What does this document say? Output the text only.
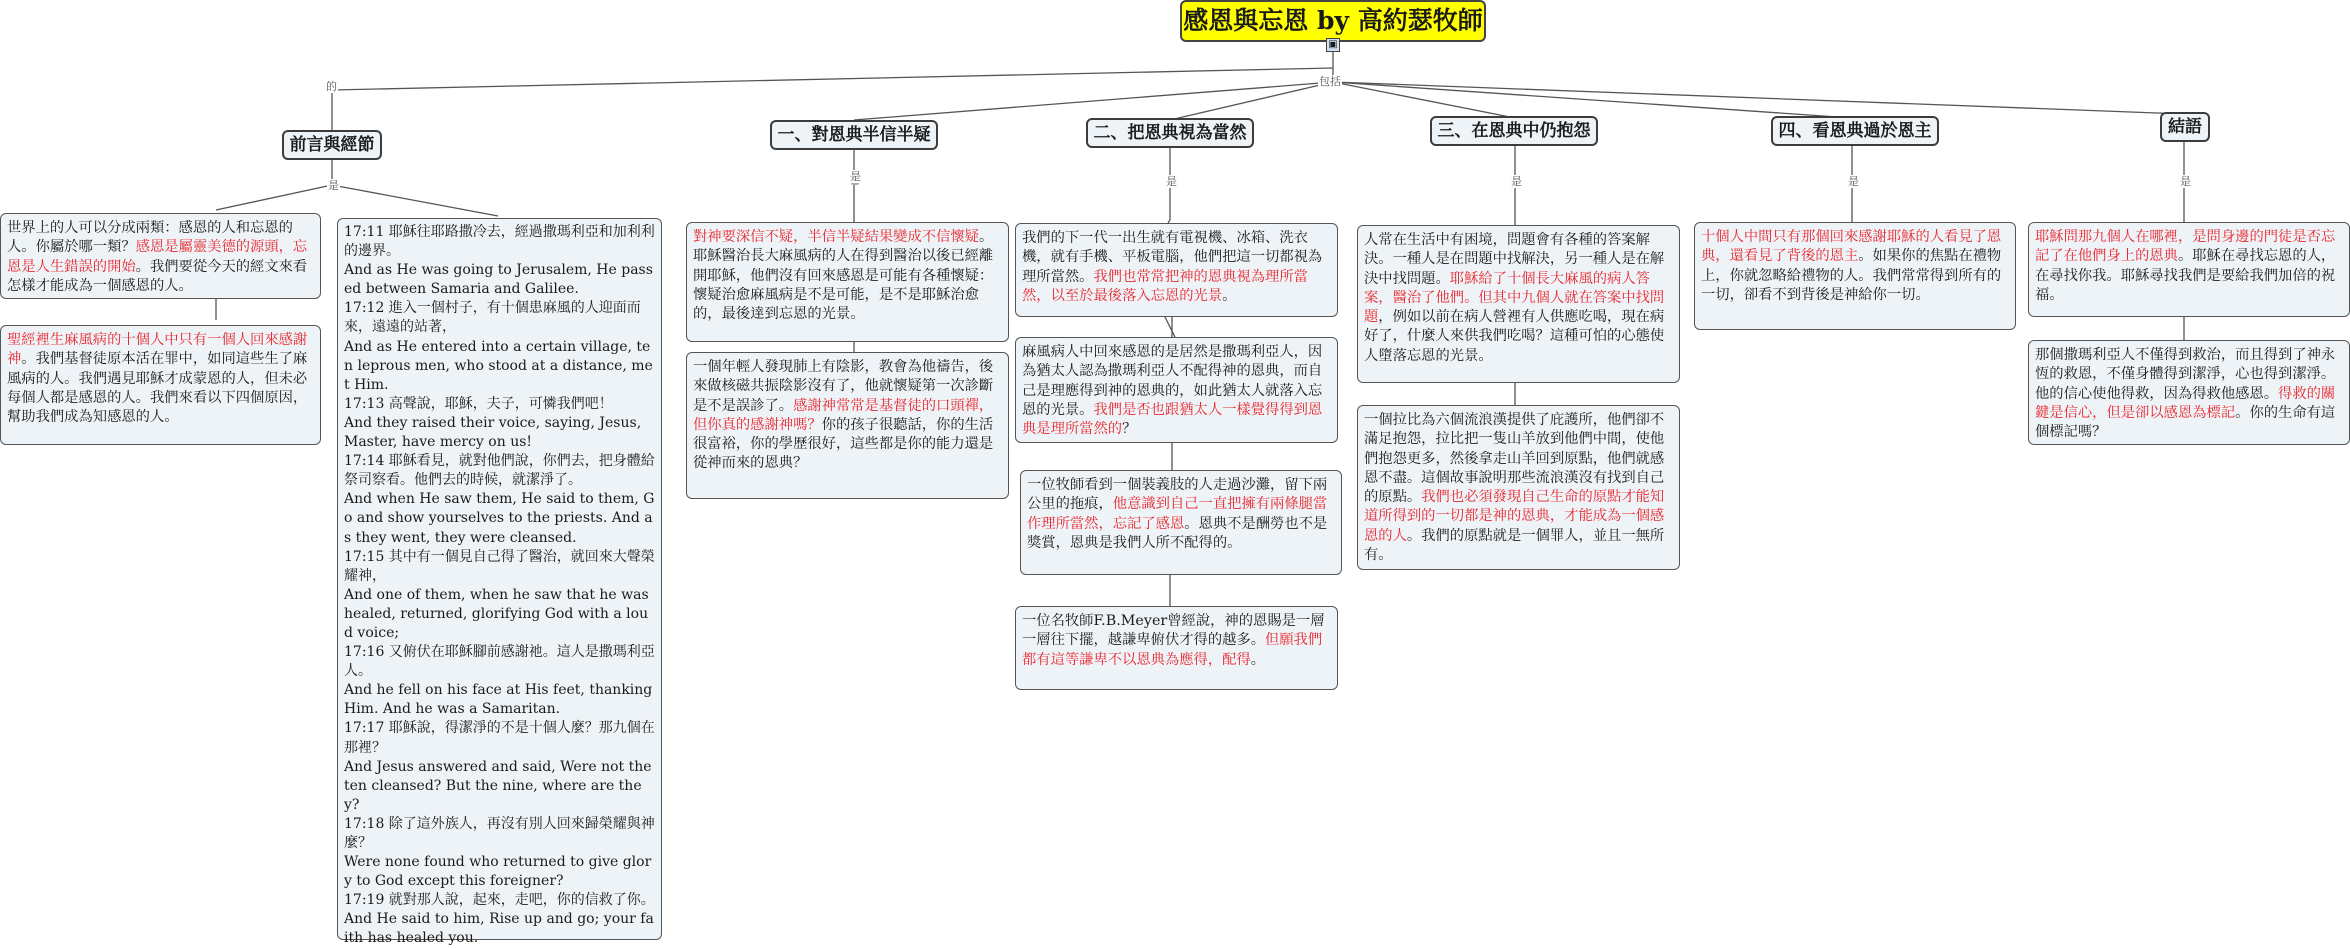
感恩與忘恩 by 高約瑟牧師
▣
的	包括
是
是	是	是	是	是
前言與經節	一、對恩典半信半疑	二、把恩典視為當然	三、在恩典中仍抱怨	四、看恩典過於恩主	結語
世界上的人可以分成兩類：感恩的人和忘恩的人。你屬於哪一類？感恩是屬靈美德的源頭，忘恩是人生錯誤的開始。我們要從今天的經文來看怎樣才能成為一個感恩的人。
聖經裡生麻風病的十個人中只有一個人回來感謝神。我們基督徒原本活在罪中，如同這些生了麻風病的人。我們遇見耶穌才成蒙恩的人，但未必每個人都是感恩的人。我們來看以下四個原因，幫助我們成為知感恩的人。
17:11 耶穌往耶路撒冷去，經過撒瑪利亞和加利利的邊界。
And as He was going to Jerusalem, He passed between Samaria and Galilee.
17:12 進入一個村子，有十個患麻風的人迎面而來，遠遠的站著，
And as He entered into a certain village, ten leprous men, who stood at a distance, met Him.
17:13 高聲說，耶穌，夫子，可憐我們吧！
And they raised their voice, saying, Jesus, Master, have mercy on us!
17:14 耶穌看見，就對他們說，你們去，把身體給祭司察看。他們去的時候，就潔淨了。
And when He saw them, He said to them, Go and show yourselves to the priests. And as they went, they were cleansed.
17:15 其中有一個見自己得了醫治，就回來大聲榮耀神，
And one of them, when he saw that he was healed, returned, glorifying God with a loud voice;
17:16 又俯伏在耶穌腳前感謝祂。這人是撒瑪利亞人。
And he fell on his face at His feet, thanking Him. And he was a Samaritan.
17:17 耶穌說，得潔淨的不是十個人麼？那九個在那裡？
And Jesus answered and said, Were not the ten cleansed? But the nine, where are they?
17:18 除了這外族人，再沒有別人回來歸榮耀與神麼？
Were none found who returned to give glory to God except this foreigner?
17:19 就對那人說，起來，走吧，你的信救了你。
And He said to him, Rise up and go; your faith has healed you.
對神要深信不疑，半信半疑結果變成不信懷疑。耶穌醫治長大麻風病的人在得到醫治以後已經離開耶穌，他們沒有回來感恩是可能有各種懷疑：懷疑治愈麻風病是不是可能，是不是耶穌治愈的，最後達到忘恩的光景。
一個年輕人發現肺上有陰影，教會為他禱告，後來做核磁共振陰影沒有了，他就懷疑第一次診斷是不是誤診了。感謝神常常是基督徒的口頭禪，但你真的感謝神嗎？你的孩子很聽話，你的生活很富裕，你的學歷很好，這些都是你的能力還是從神而來的恩典？
我們的下一代一出生就有電視機、冰箱、洗衣機，就有手機、平板電腦，他們把這一切都視為理所當然。我們也常常把神的恩典視為理所當然，以至於最後落入忘恩的光景。
麻風病人中回來感恩的是居然是撒瑪利亞人，因為猶太人認為撒瑪利亞人不配得神的恩典，而自己是理應得到神的恩典的，如此猶太人就落入忘恩的光景。我們是否也跟猶太人一樣覺得得到恩典是理所當然的？
一位牧師看到一個裝義肢的人走過沙灘，留下兩公里的拖痕，他意識到自己一直把擁有兩條腿當作理所當然，忘記了感恩。恩典不是酬勞也不是獎賞，恩典是我們人所不配得的。
一位名牧師F.B.Meyer曾經說，神的恩賜是一層一層往下擺，越謙卑俯伏才得的越多。但願我們都有這等謙卑不以恩典為應得，配得。
人常在生活中有困境，問題會有各種的答案解決。一種人是在問題中找解決，另一種人是在解決中找問題。耶穌給了十個長大麻風的病人答案，醫治了他們。但其中九個人就在答案中找問題，例如以前在病人營裡有人供應吃喝，現在病好了，什麼人來供我們吃喝？這種可怕的心態使人墮落忘恩的光景。
一個拉比為六個流浪漢提供了庇護所，他們卻不滿足抱怨，拉比把一隻山羊放到他們中間，使他們抱怨更多，然後拿走山羊回到原點，他們就感恩不盡。這個故事說明那些流浪漢沒有找到自己的原點。我們也必須發現自己生命的原點才能知道所得到的一切都是神的恩典，才能成為一個感恩的人。我們的原點就是一個罪人，並且一無所有。
十個人中間只有那個回來感謝耶穌的人看見了恩典，還看見了背後的恩主。如果你的焦點在禮物上，你就忽略給禮物的人。我們常常得到所有的一切，卻看不到背後是神給你一切。
耶穌問那九個人在哪裡，是問身邊的門徒是否忘記了在他們身上的恩典。耶穌在尋找忘恩的人，在尋找你我。耶穌尋找我們是要給我們加倍的祝福。
那個撒瑪利亞人不僅得到救治，而且得到了神永恆的救恩，不僅身體得到潔淨，心也得到潔淨。他的信心使他得救，因為得救他感恩。得救的關鍵是信心，但是卻以感恩為標記。你的生命有這個標記嗎？
